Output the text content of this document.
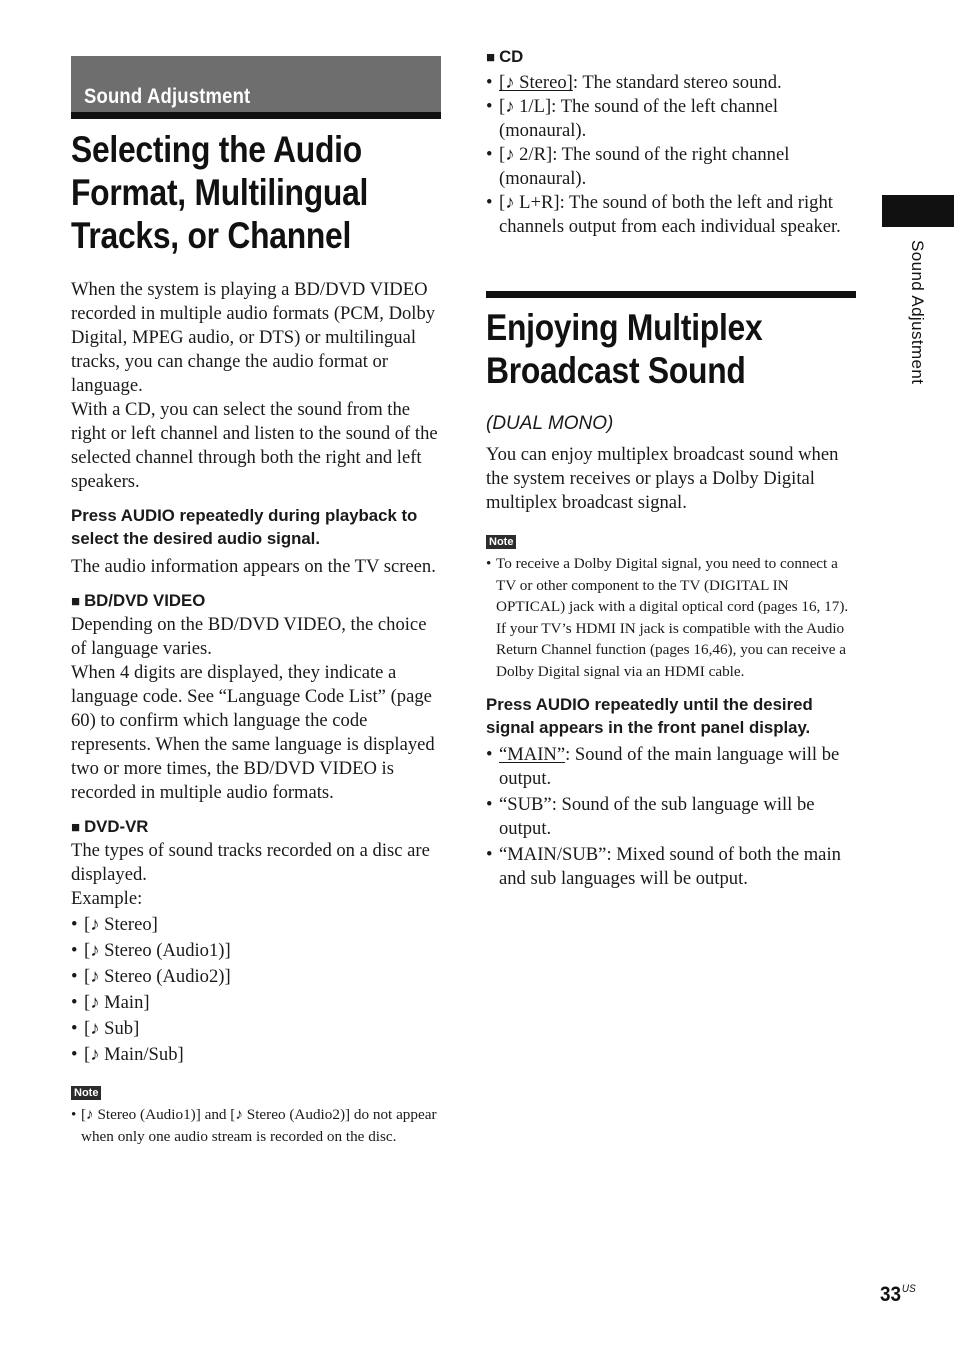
Sound Adjustment
Selecting the Audio
Format, Multilingual
Tracks, or Channel

When the system is playing a BD/DVD VIDEO recorded in multiple audio formats (PCM, Dolby Digital, MPEG audio, or DTS) or multilingual tracks, you can change the audio format or language.

With a CD, you can select the sound from the right or left channel and listen to the sound of the selected channel through both the right and left speakers.

Press AUDIO repeatedly during playback to select the desired audio signal.

The audio information appears on the TV screen.

■ BD/DVD VIDEO

Depending on the BD/DVD VIDEO, the choice of language varies.

When 4 digits are displayed, they indicate a language code. See “Language Code List” (page 60) to confirm which language the code represents. When the same language is displayed two or more times, the BD/DVD VIDEO is recorded in multiple audio formats.

■ DVD-VR

The types of sound tracks recorded on a disc are displayed.

Example:

• [♪ Stereo]
• [♪ Stereo (Audio1)]
• [♪ Stereo (Audio2)]
• [♪ Main]
• [♪ Sub]
• [♪ Main/Sub]
Note
• [♪ Stereo (Audio1)] and [♪ Stereo (Audio2)] do not appear when only one audio stream is recorded on the disc.

■ CD

• [♪ Stereo]: The standard stereo sound.
• [♪ 1/L]: The sound of the left channel (monaural).
• [♪ 2/R]: The sound of the right channel (monaural).
• [♪ L+R]: The sound of both the left and right channels output from each individual speaker.
Enjoying Multiplex
Broadcast Sound

(DUAL MONO)

You can enjoy multiplex broadcast sound when the system receives or plays a Dolby Digital multiplex broadcast signal.

Note
• To receive a Dolby Digital signal, you need to connect a TV or other component to the TV (DIGITAL IN OPTICAL) jack with a digital optical cord (pages 16, 17). If your TV’s HDMI IN jack is compatible with the Audio Return Channel function (pages 16,46), you can receive a Dolby Digital signal via an HDMI cable.

Press AUDIO repeatedly until the desired signal appears in the front panel display.

• “MAIN”: Sound of the main language will be output.
• “SUB”: Sound of the sub language will be output.
• “MAIN/SUB”: Mixed sound of both the main and sub languages will be output.
Sound Adjustment
$33^{US}$
